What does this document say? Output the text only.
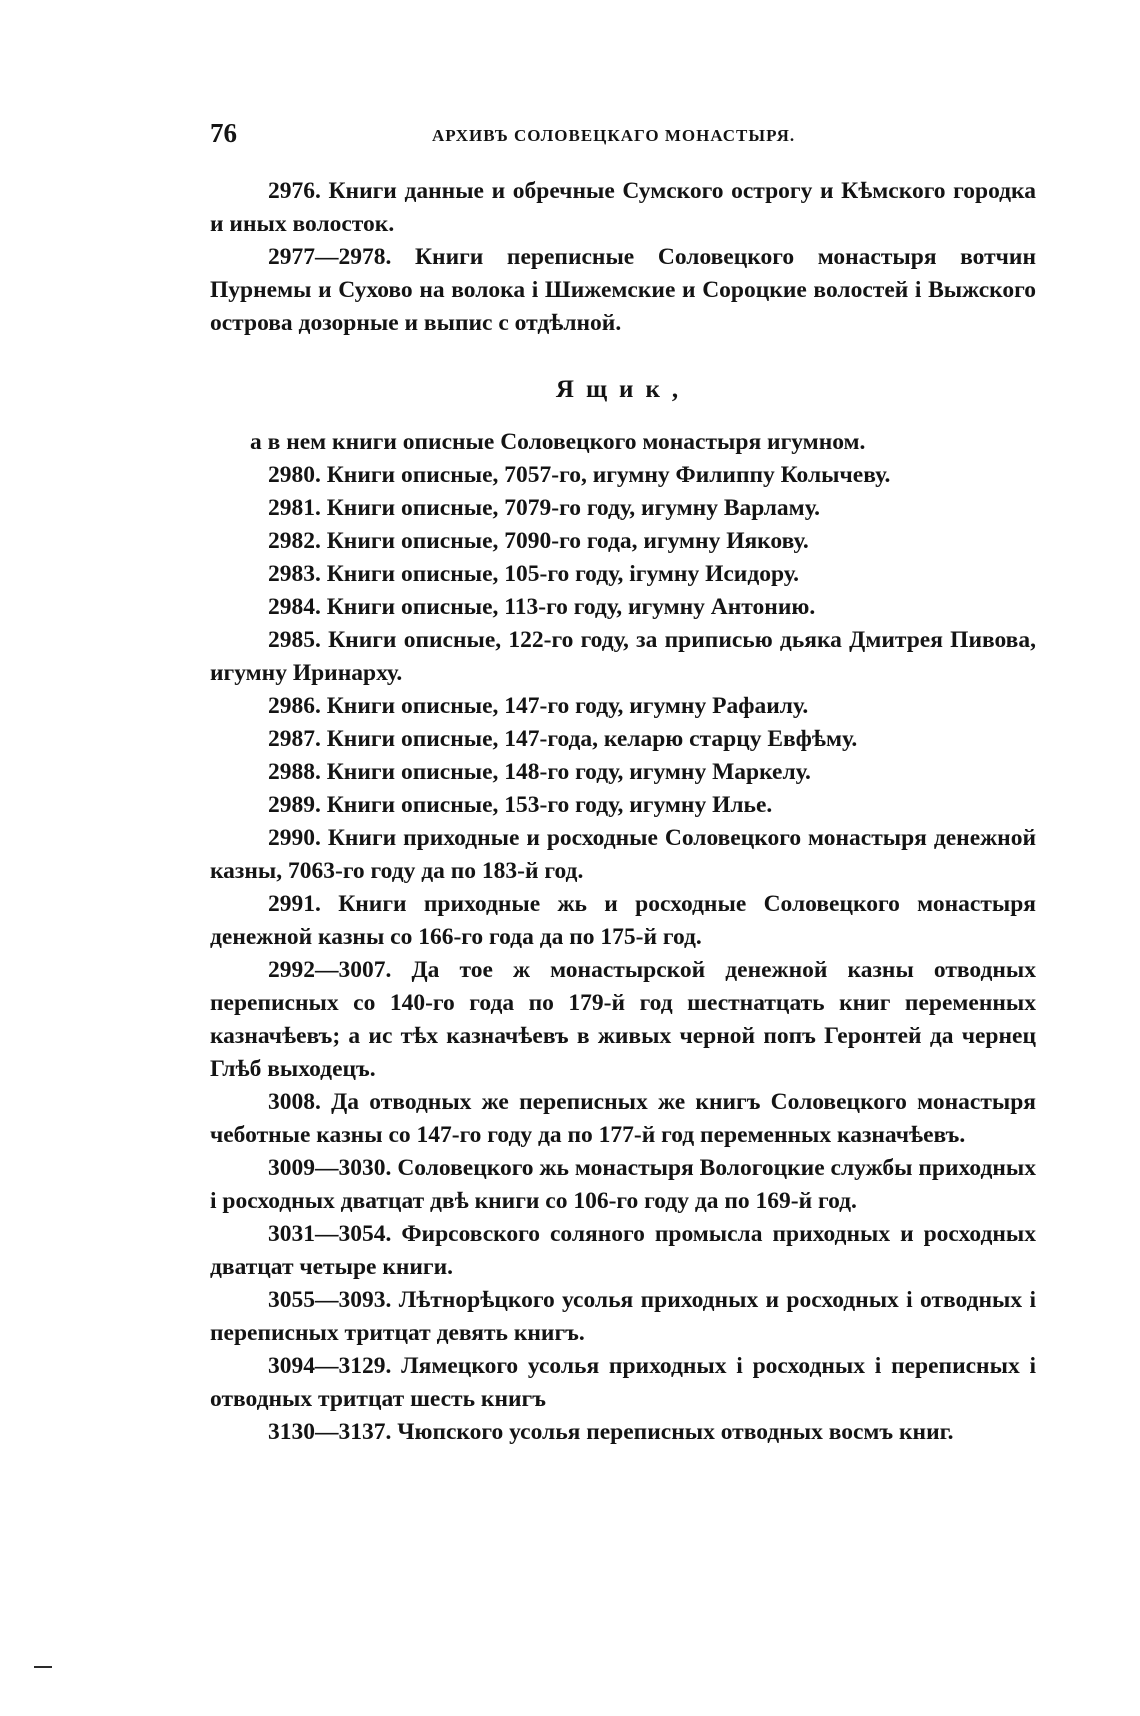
76	АРХИВЪ СОЛОВЕЦКАГО МОНАСТЫРЯ.

2976. Книги данные и обречные Сумского острогу и Кѣмского городка и иных волосток.

2977—2978. Книги переписные Соловецкого монастыря вотчин Пурнемы и Сухово на волока і Шижемские и Сороцкие волостей і Выжского острова дозорные и выпис с отдѣлной.

Ящик,

а в нем книги описные Соловецкого монастыря игумном.

2980. Книги описные, 7057-го, игумну Филиппу Колычеву.

2981. Книги описные, 7079-го году, игумну Варламу.

2982. Книги описные, 7090-го года, игумну Иякову.

2983. Книги описные, 105-го году, ігумну Исидору.

2984. Книги описные, 113-го году, игумну Антонию.

2985. Книги описные, 122-го году, за приписью дьяка Дмитрея Пивова, игумну Иринарху.

2986. Книги описные, 147-го году, игумну Рафаилу.

2987. Книги описные, 147-года, келарю старцу Евфѣму.

2988. Книги описные, 148-го году, игумну Маркелу.

2989. Книги описные, 153-го году, игумну Илье.

2990. Книги приходные и росходные Соловецкого монастыря денежной казны, 7063-го году да по 183-й год.

2991. Книги приходные жь и росходные Соловецкого монастыря денежной казны со 166-го года да по 175-й год.

2992—3007. Да тое ж монастырской денежной казны отводных переписных со 140-го года по 179-й год шестнатцать книг переменных казначѣевъ; а ис тѣх казначѣевъ в живых черной попъ Геронтей да чернец Глѣб выходецъ.

3008. Да отводных же переписных же книгъ Соловецкого монастыря чеботные казны со 147-го году да по 177-й год переменных казначѣевъ.

3009—3030. Соловецкого жь монастыря Вологоцкие службы приходных і росходных дватцат двѣ книги со 106-го году да по 169-й год.

3031—3054. Фирсовского соляного промысла приходных и росходных дватцат четыре книги.

3055—3093. Лѣтнорѣцкого усолья приходных и росходных і отводных і переписных тритцат девять книгъ.

3094—3129. Лямецкого усолья приходных і росходных і переписных і отводных тритцат шесть книгъ

3130—3137. Чюпского усолья переписных отводных восмъ книг.
